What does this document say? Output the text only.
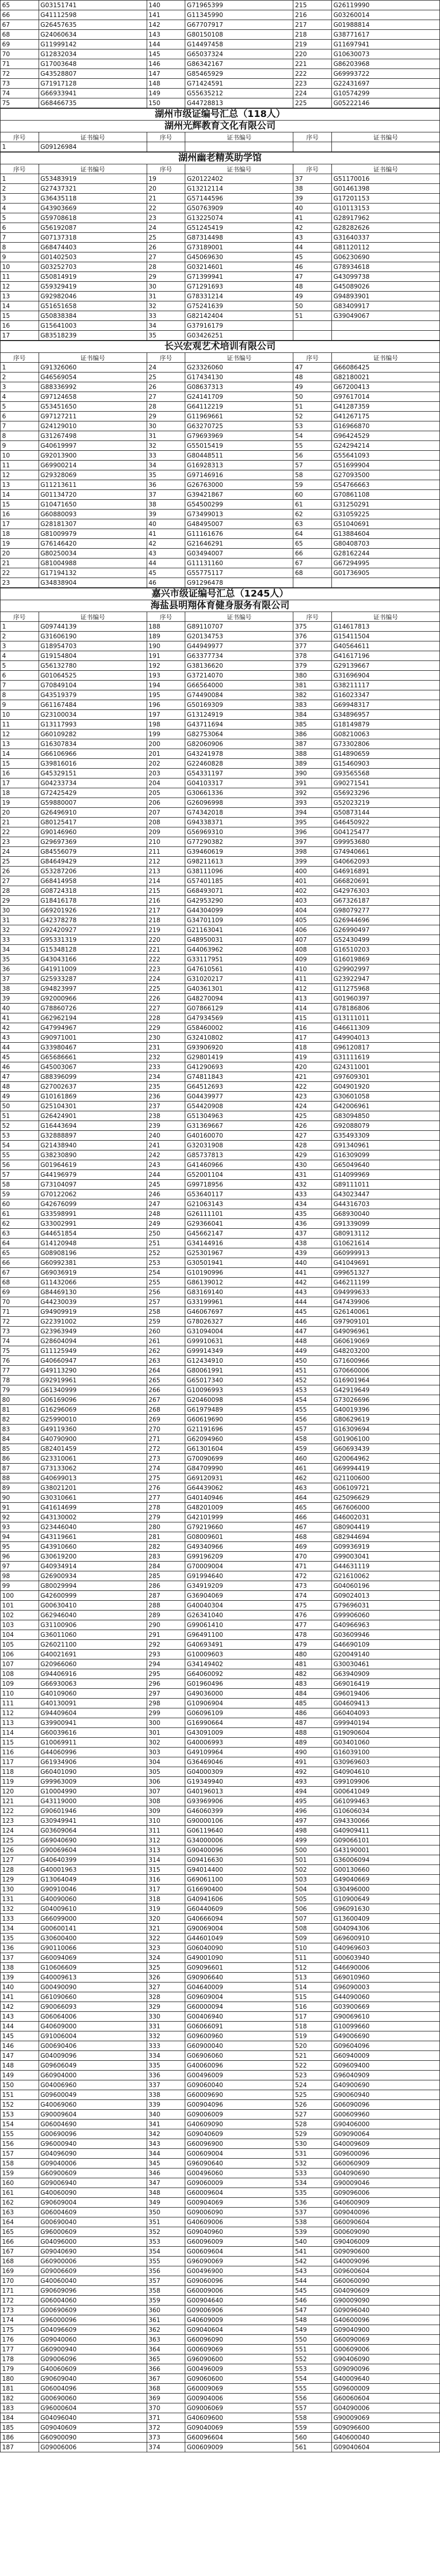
65	G03151741	140	G71965399	215	G26119990
66	G41112598	141	G11345990	216	G03260014
67	G26457635	142	G67707917	217	G01988814
68	G24060634	143	G80150108	218	G38771617
69	G11999142	144	G14497458	219	G11697941
70	G12832034	145	G65037324	220	G10630073
71	G17003648	146	G86342167	221	G86203968
72	G43528807	147	G85465929	222	G69993722
73	G71917128	148	G71424591	223	G22431697
74	G66933941	149	G55635212	224	G10574299
75	G68466735	150	G44728813	225	G05222146
湖州市级证编号汇总（118人）
湖州光辉教育文化有限公司
序号	证书编号	序号	证书编号	序号	证书编号
1	G09126984				
湖州幽老精英助学馆
序号	证书编号	序号	证书编号	序号	证书编号
1	G53483919	19	G20122402	37	G51170016
2	G27437321	20	G13212114	38	G01461398
3	G36435118	21	G57144596	39	G17201153
4	G43903669	22	G50763909	40	G10113153
5	G59708618	23	G13225074	41	G28917962
6	G56192087	24	G51245419	42	G28282626
7	G07137318	25	G87314498	43	G31640337
8	G68474403	26	G73189001	44	G81120112
9	G01402503	27	G45069630	45	G06230690
10	G03252703	28	G03214601	46	G78934618
11	G50814919	29	G71399941	47	G43099738
12	G59329419	30	G71291693	48	G45089026
13	G92982046	31	G78331214	49	G94893901
14	G51651658	32	G75241639	50	G83409917
15	G50838384	33	G82142404	51	G39049067
16	G15641003	34	G37916179		
17	G83518239	35	G03426251		
长兴宏观艺术培训有限公司
序号	证书编号	序号	证书编号	序号	证书编号
1	G91326060	24	G23326060	47	G66086425
2	G46569054	25	G17434130	48	G82180021
3	G88336992	26	G08637313	49	G67200413
4	G97124658	27	G24141709	50	G97617014
5	G53451650	28	G64112219	51	G41287359
6	G97127211	29	G11969661	52	G41267175
7	G24129010	30	G63270725	53	G16966870
8	G31267498	31	G79693969	54	G96424529
9	G40619997	32	G55015419	55	G24294214
10	G92013900	33	G80448511	56	G55641093
11	G69900214	34	G16928313	57	G51699904
12	G29328069	35	G97146916	58	G27093500
13	G11213611	36	G26763000	59	G54766663
14	G01134720	37	G39421867	60	G70861108
15	G10471650	38	G54500299	61	G31250291
16	G60880093	39	G73499013	62	G31059225
17	G28181307	40	G48495007	63	G51040691
18	G81009979	41	G11161676	64	G13884604
19	G76146420	42	G21646291	65	G80408703
20	G80250034	43	G03494007	66	G28162244
21	G81004988	44	G11131160	67	G67294995
22	G17194132	45	G55775117	68	G01736905
23	G34838904	46	G91296478		
嘉兴市级证编号汇总（1245人）
海盐县明翔体育健身服务有限公司
序号	证书编号	序号	证书编号	序号	证书编号
1	G09744139	188	G89110707	375	G14617813
2	G31606190	189	G20134753	376	G15411504
3	G18954703	190	G44949977	377	G40564611
4	G19154804	191	G63377734	378	G41617196
5	G56132780	192	G38136620	379	G29139667
6	G01064525	193	G37214070	380	G31696904
7	G70849104	194	G66564000	381	G38211117
8	G43519379	195	G74490084	382	G16023347
9	G61167484	196	G50169309	383	G69948317
10	G23100034	197	G13124919	384	G34896957
11	G13117993	198	G43711694	385	G18149879
12	G60109282	199	G82753064	386	G08210063
13	G16307834	200	G82060906	387	G73302806
14	G66106966	201	G43241978	388	G14890659
15	G39816016	202	G22460828	389	G15460903
16	G45329151	203	G54331197	390	G93565568
17	G04233734	204	G04103317	391	G90271541
18	G72425429	205	G30661336	392	G56923296
19	G59880007	206	G26096998	393	G52023219
20	G26496910	207	G74342018	394	G50873144
21	G80125417	208	G94338371	395	G46450922
22	G90146960	209	G56969310	396	G04125477
23	G29697369	210	G77290382	397	G99953680
24	G84556079	211	G39460619	398	G74940661
25	G84649429	212	G98211613	399	G40662093
26	G53287206	213	G38111096	400	G46916891
27	G68414958	214	G57401185	401	G66820691
28	G08724318	215	G68493071	402	G42976303
29	G18416178	216	G42953290	403	G67326187
30	G69201926	217	G44304099	404	G98079277
31	G42378278	218	G34701109	405	G26944696
32	G92420927	219	G21163041	406	G26990497
33	G95331319	220	G48950031	407	G52430499
34	G15348128	221	G44063962	408	G16510203
35	G43043166	222	G33117951	409	G16019869
36	G41911009	223	G47610561	410	G29902997
37	G25933287	224	G31020217	411	G23922947
38	G94823997	225	G40361301	412	G11275968
39	G92000966	226	G48270094	413	G01960397
40	G78860726	227	G07866129	414	G78186806
41	G62962194	228	G47934569	415	G13111011
42	G47994967	229	G58460002	416	G46611309
43	G90971001	230	G32410802	417	G49904013
44	G33980467	231	G93906920	418	G96120817
45	G65686661	232	G29801419	419	G31111619
46	G45003067	233	G41290693	420	G24311001
47	G88396099	234	G74811843	421	G97609301
48	G27002637	235	G64512693	422	G04901920
49	G10161869	236	G04439977	423	G30601058
50	G25104301	237	G54420908	424	G42006961
51	G26424901	238	G51304963	425	G83094850
52	G16443694	239	G31369667	426	G92088079
53	G32888897	240	G40160070	427	G35493309
54	G21438940	241	G32031908	428	G91340961
55	G38230890	242	G85737813	429	G16309099
56	G01964619	243	G41460966	430	G65049640
57	G44196979	244	G52001104	431	G14099969
58	G73104097	245	G99718956	432	G89111011
59	G70122062	246	G53640117	433	G43023447
60	G42676099	247	G21063143	434	G44316703
61	G33598991	248	G26111101	435	G68930040
62	G33002991	249	G29366041	436	G91339099
63	G44651854	250	G45662147	437	G80913112
64	G14120948	251	G34144916	438	G10621614
65	G08908196	252	G25301967	439	G60999913
66	G60992381	253	G30501941	440	G41049691
67	G69036919	254	G10190996	441	G99651327
68	G11432066	255	G86139012	442	G46211199
69	G84469130	256	G83169140	443	G94999633
70	G44230039	257	G33199961	444	G47439906
71	G94909919	258	G46067697	445	G26140061
72	G22391002	259	G78026327	446	G97909101
73	G23963949	260	G31094004	447	G49096961
74	G28604094	261	G99910631	448	G60619069
75	G11125949	262	G99914349	449	G48203200
76	G40660947	263	G12434910	450	G71600966
77	G49113290	264	G80061991	451	G70660006
78	G92919961	265	G65017340	452	G16901964
79	G61340999	266	G10096993	453	G42919649
80	G06169096	267	G20460098	454	G73026696
81	G16296069	268	G61979489	455	G40019396
82	G25990010	269	G60619690	456	G80629619
83	G49119360	270	G21191696	457	G16309694
84	G40790900	271	G62094960	458	G01906100
85	G82401459	272	G61301604	459	G60693439
86	G23310061	273	G70090699	460	G20064962
87	G73133062	274	G84709990	461	G69994419
88	G40699013	275	G69120931	462	G21100600
89	G38021201	276	G64439062	463	G06109721
90	G30310661	277	G40140946	464	G25096629
91	G41614699	278	G48201009	465	G67606000
92	G43130002	279	G42101999	466	G46002031
93	G23446040	280	G79219660	467	G80904419
94	G43119661	281	G08009601	468	G82944694
95	G43910660	282	G49340966	469	G09936919
96	G30619200	283	G99196209	470	G99003041
97	G40934914	284	G70009004	471	G44631119
98	G26900934	285	G91994640	472	G21610062
99	G80029994	286	G34919209	473	G04060196
100	G42600999	287	G36904069	474	G09024013
101	G00630410	288	G40040304	475	G79696031
102	G62946040	289	G26341040	476	G99906060
103	G31100906	290	G99061410	477	G40966963
104	G36011060	291	G96491100	478	G03609946
105	G26021100	292	G40693491	479	G46690109
106	G40021691	293	G10009603	480	G20049140
107	G20966060	294	G34149402	481	G30030461
108	G94406916	295	G64060092	482	G63940909
109	G66930063	296	G01960496	483	G69016419
110	G40109060	297	G49036000	484	G96019406
111	G40130091	298	G10906904	485	G04609413
112	G94409604	299	G06096109	486	G60404093
113	G39900941	300	G16990664	487	G99940194
114	G60039616	301	G43091009	488	G19090604
115	G10069911	302	G40006993	489	G03401060
116	G44060996	303	G49109964	490	G16039100
117	G61934906	304	G36469046	491	G30969603
118	G60401090	305	G04000309	492	G40904610
119	G99963009	306	G19349940	493	G99109906
120	G10004990	307	G40196013	494	G00641049
121	G43119000	308	G93969906	495	G61099463
122	G90601946	309	G46060399	496	G10606034
123	G30949941	310	G90000106	497	G94330066
124	G03609064	311	G06119640	498	G40909411
125	G69040690	312	G34000006	499	G09066101
126	G90069604	313	G90400096	500	G43190001
127	G40640399	314	G09416630	501	G36006094
128	G40001963	315	G94014400	502	G00130660
129	G13064049	316	G69061100	503	G49040669
130	G90910046	317	G16690400	504	G30496000
131	G40090060	318	G40941606	505	G10900649
132	G04009610	319	G60440609	506	G96091630
133	G66099000	320	G40666094	507	G13600409
134	G00600141	321	G90069004	508	G04094306
135	G30600400	322	G44601049	509	G69600910
136	G90110066	323	G06040090	510	G40969603
137	G60094069	324	G49001090	511	G00603940
138	G10606609	325	G09096601	512	G46690006
139	G40009613	326	G90906640	513	G69010960
140	G00490090	327	G04640009	514	G96090003
141	G61090660	328	G09609004	515	G44090060
142	G90066093	329	G60000094	516	G03900669
143	G06064006	330	G00406940	517	G90069610
144	G40609000	331	G06066091	518	G10099660
145	G91006004	332	G09600960	519	G49006690
146	G00690406	333	G60900040	520	G09604096
147	G04009096	334	G06906060	521	G60940009
148	G09606049	335	G40060096	522	G09609400
149	G60904000	336	G00496009	523	G96040909
150	G04006960	337	G09060040	524	G40900690
151	G09600049	338	G60009690	525	G90060940
152	G40069060	339	G00904096	526	G06090096
153	G90009604	340	G09006009	527	G00609960
154	G06004690	341	G40609090	528	G90406000
155	G00690096	342	G09040609	529	G09090064
156	G96000940	343	G60096900	530	G40009609
157	G04096090	344	G00609004	531	G09600096
158	G09040006	345	G96090640	532	G60060909
159	G60900609	346	G00496060	533	G04090690
160	G09006940	347	G09060009	534	G90009046
161	G40060090	348	G60009604	535	G09096006
162	G90609004	349	G00904069	536	G40600909
163	G06004609	350	G09006090	537	G09040096
164	G00690040	351	G40609006	538	G60090604
165	G96000609	352	G09040960	539	G00609090
166	G04096000	353	G60096009	540	G90406009
167	G09040690	354	G00609604	541	G09090600
168	G60900006	355	G96090069	542	G40009096
169	G09006609	356	G00496900	543	G09600604
170	G40060040	357	G09060096	544	G60060090
171	G90609096	358	G60009006	545	G04090609
172	G06004060	359	G00904640	546	G90009090
173	G00690609	360	G09006906	547	G09096040
174	G96000096	361	G40609009	548	G40600096
175	G04096609	362	G09040604	549	G09040900
176	G09040060	363	G60096090	550	G60090069
177	G60900940	364	G00609069	551	G00609006
178	G09006096	365	G96090600	552	G90406090
179	G40060609	366	G00496009	553	G09090096
180	G90609040	367	G09060600	554	G40009640
181	G06004096	368	G60009069	555	G09600009
182	G00690060	369	G00904006	556	G60060604
183	G96000604	370	G09006069	557	G04090006
184	G04096040	371	G40609600	558	G90009069
185	G09040609	372	G09040069	559	G09096600
186	G60900090	373	G60096604	560	G40600040
187	G09006006	374	G00609009	561	G09040604
